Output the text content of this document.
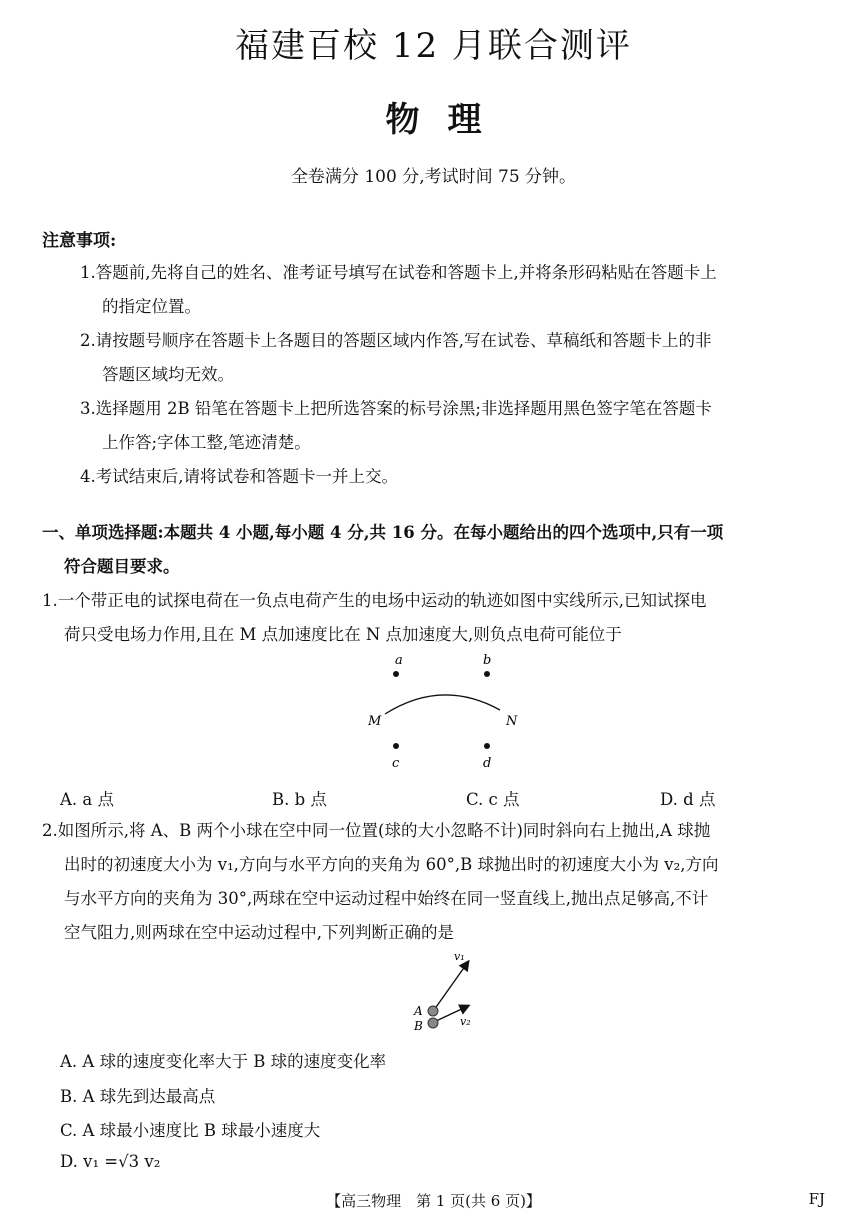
福建百校 12 月联合测评
物理
全卷满分 100 分,考试时间 75 分钟。
注意事项:
1.答题前,先将自己的姓名、准考证号填写在试卷和答题卡上,并将条形码粘贴在答题卡上
的指定位置。
2.请按题号顺序在答题卡上各题目的答题区域内作答,写在试卷、草稿纸和答题卡上的非
答题区域均无效。
3.选择题用 2B 铅笔在答题卡上把所选答案的标号涂黑;非选择题用黑色签字笔在答题卡
上作答;字体工整,笔迹清楚。
4.考试结束后,请将试卷和答题卡一并上交。
一、单项选择题:本题共 4 小题,每小题 4 分,共 16 分。在每小题给出的四个选项中,只有一项
符合题目要求。
1.一个带正电的试探电荷在一负点电荷产生的电场中运动的轨迹如图中实线所示,已知试探电
荷只受电场力作用,且在 M 点加速度比在 N 点加速度大,则负点电荷可能位于
a	b
M	N
c	d
A. a 点	B. b 点	C. c 点	D. d 点
2.如图所示,将 A、B 两个小球在空中同一位置(球的大小忽略不计)同时斜向右上抛出,A 球抛
出时的初速度大小为 v₁,方向与水平方向的夹角为 60°,B 球抛出时的初速度大小为 v₂,方向
与水平方向的夹角为 30°,两球在空中运动过程中始终在同一竖直线上,抛出点足够高,不计
空气阻力,则两球在空中运动过程中,下列判断正确的是
v₁
A
B	v₂
A. A 球的速度变化率大于 B 球的速度变化率
B. A 球先到达最高点
C. A 球最小速度比 B 球最小速度大
D. v₁ =√3 v₂
【高三物理　第 1 页(共 6 页)】	FJ
